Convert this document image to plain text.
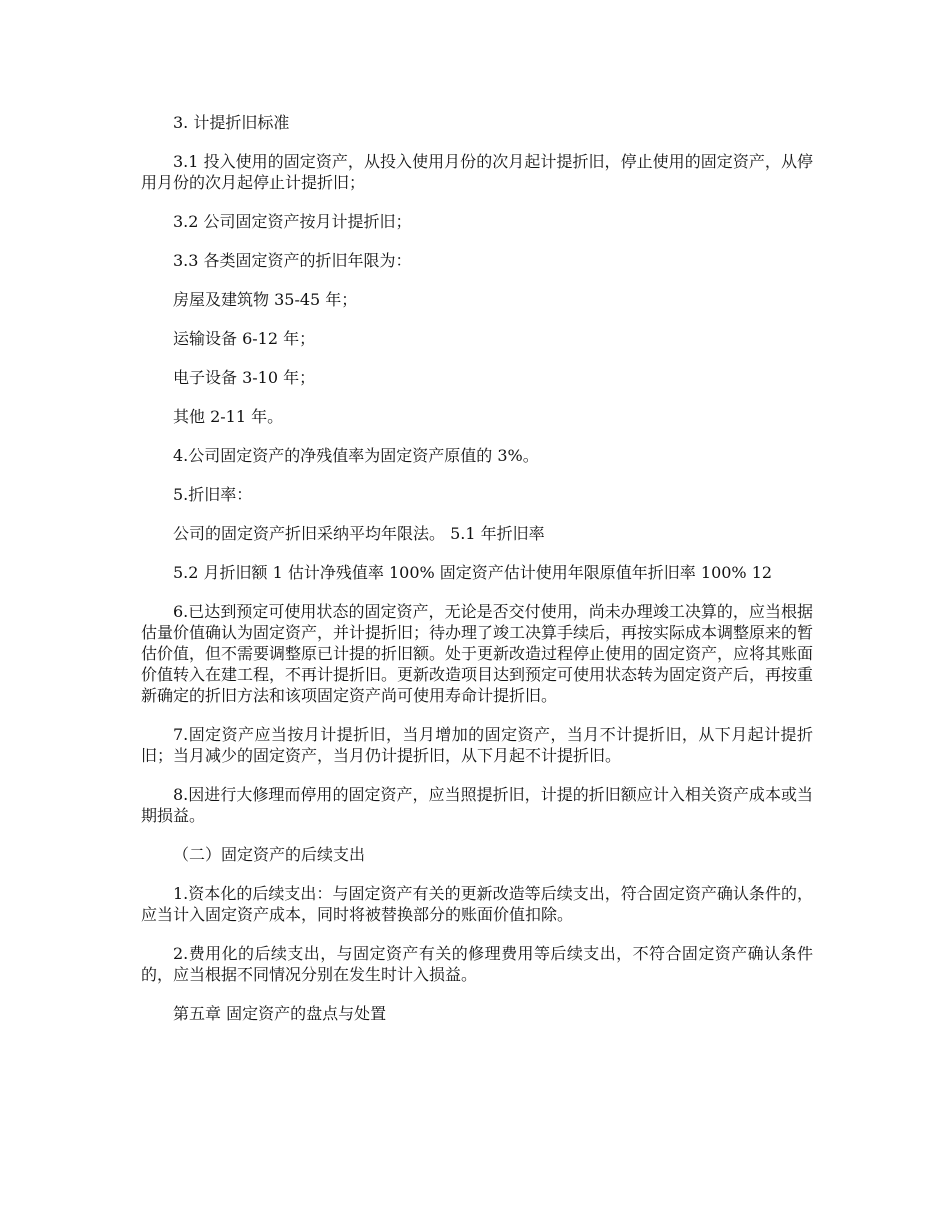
3. 计提折旧标准

3.1 投入使用的固定资产，从投入使用月份的次月起计提折旧，停止使用的固定资产，从停用月份的次月起停止计提折旧；

3.2 公司固定资产按月计提折旧；

3.3 各类固定资产的折旧年限为：

房屋及建筑物 35-45 年；

运输设备 6-12 年；

电子设备 3-10 年；

其他 2-11 年。

4.公司固定资产的净残值率为固定资产原值的 3%。

5.折旧率：

公司的固定资产折旧采纳平均年限法。 5.1 年折旧率

5.2 月折旧额 1 估计净残值率 100% 固定资产估计使用年限原值年折旧率 100% 12

6.已达到预定可使用状态的固定资产，无论是否交付使用，尚未办理竣工决算的，应当根据估量价值确认为固定资产，并计提折旧；待办理了竣工决算手续后，再按实际成本调整原来的暂估价值，但不需要调整原已计提的折旧额。处于更新改造过程停止使用的固定资产，应将其账面价值转入在建工程，不再计提折旧。更新改造项目达到预定可使用状态转为固定资产后，再按重新确定的折旧方法和该项固定资产尚可使用寿命计提折旧。

7.固定资产应当按月计提折旧，当月增加的固定资产，当月不计提折旧，从下月起计提折旧；当月减少的固定资产，当月仍计提折旧，从下月起不计提折旧。

8.因进行大修理而停用的固定资产，应当照提折旧，计提的折旧额应计入相关资产成本或当期损益。

（二）固定资产的后续支出

1.资本化的后续支出：与固定资产有关的更新改造等后续支出，符合固定资产确认条件的，应当计入固定资产成本，同时将被替换部分的账面价值扣除。

2.费用化的后续支出，与固定资产有关的修理费用等后续支出，不符合固定资产确认条件的，应当根据不同情况分别在发生时计入损益。

第五章 固定资产的盘点与处置
